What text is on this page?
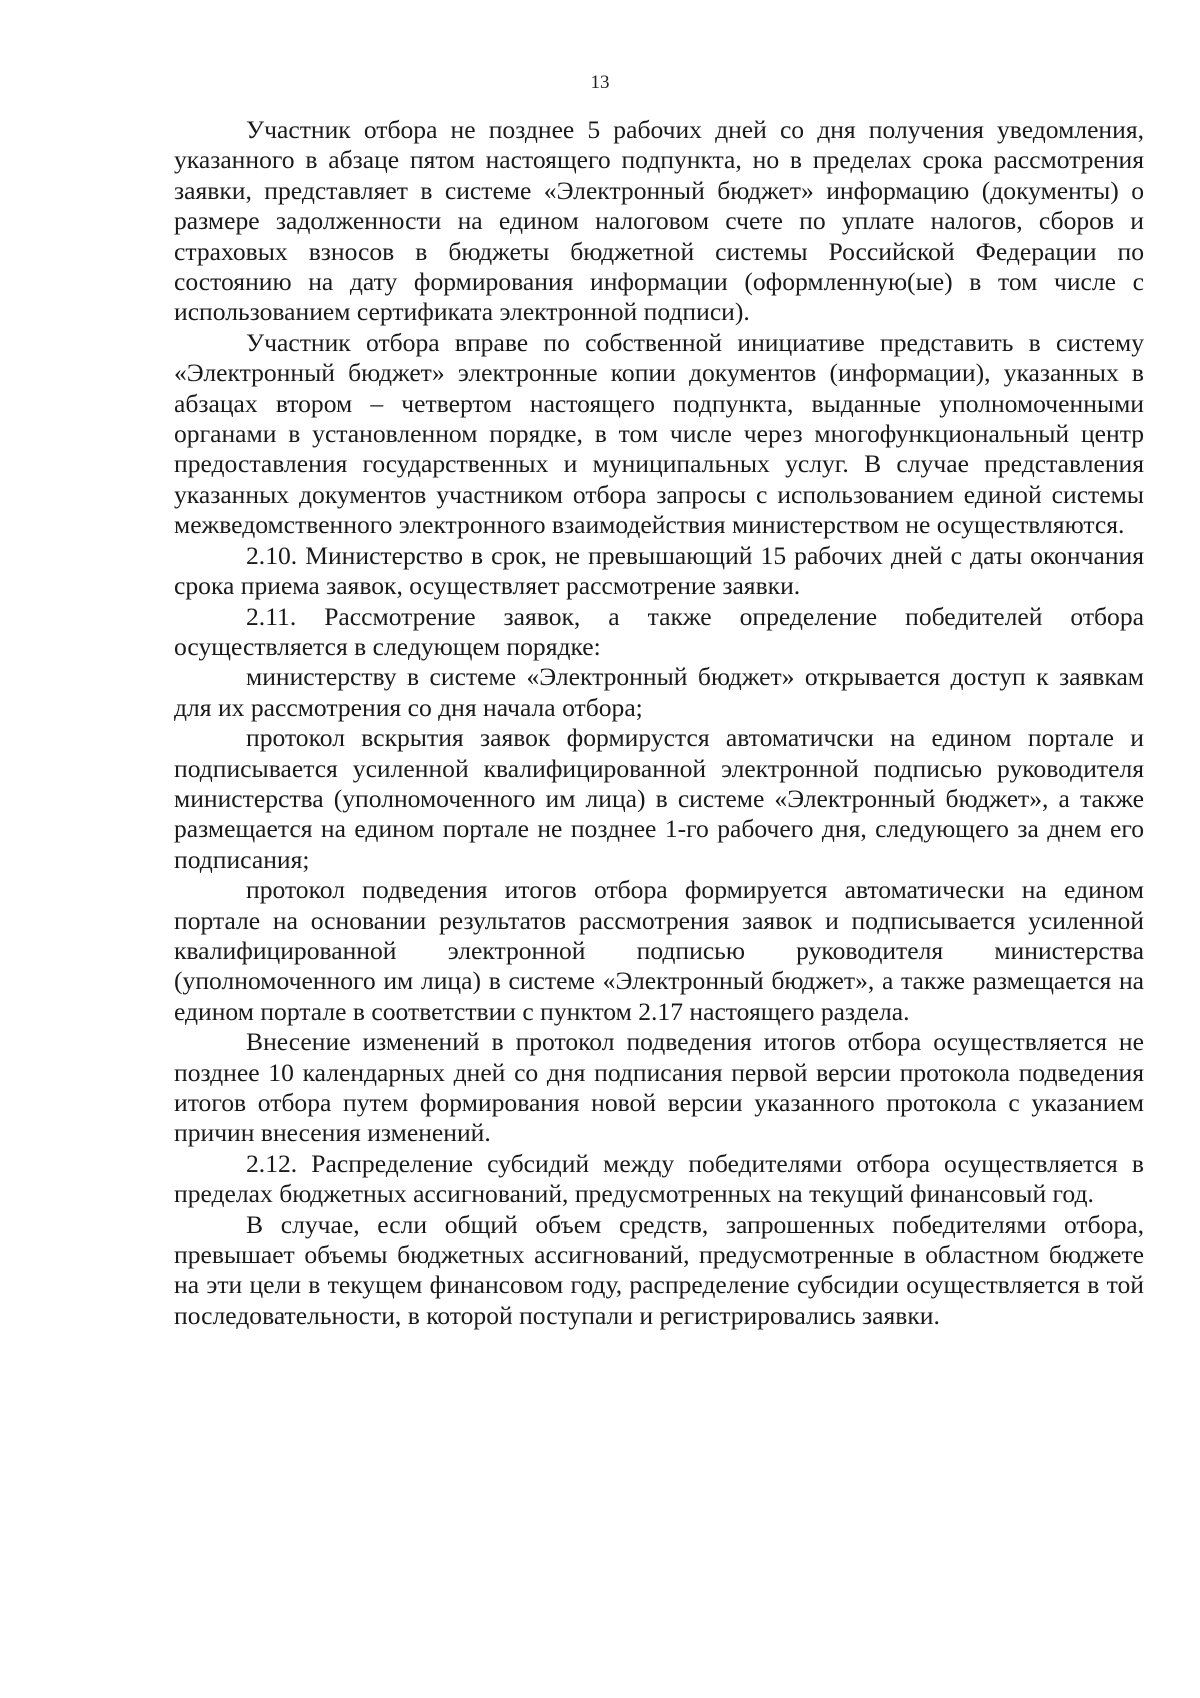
13

Участник отбора не позднее 5 рабочих дней со дня получения уведомления, указанного в абзаце пятом настоящего подпункта, но в пределах срока рассмотрения заявки, представляет в системе «Электронный бюджет» информацию (документы) о размере задолженности на едином налоговом счете по уплате налогов, сборов и страховых взносов в бюджеты бюджетной системы Российской Федерации по состоянию на дату формирования информации (оформленную(ые) в том числе с использованием сертификата электронной подписи).

Участник отбора вправе по собственной инициативе представить в систему «Электронный бюджет» электронные копии документов (информации), указанных в абзацах втором – четвертом настоящего подпункта, выданные уполномоченными органами в установленном порядке, в том числе через многофункциональный центр предоставления государственных и муниципальных услуг. В случае представления указанных документов участником отбора запросы с использованием единой системы межведомственного электронного взаимодействия министерством не осуществляются.

2.10. Министерство в срок, не превышающий 15 рабочих дней с даты окончания срока приема заявок, осуществляет рассмотрение заявки.

2.11. Рассмотрение заявок, а также определение победителей отбора осуществляется в следующем порядке:

министерству в системе «Электронный бюджет» открывается доступ к заявкам для их рассмотрения со дня начала отбора;

протокол вскрытия заявок формирустся автоматичски на едином портале и подписывается усиленной квалифицированной электронной подписью руководителя министерства (уполномоченного им лица) в системе «Электронный бюджет», а также размещается на едином портале не позднее 1-го рабочего дня, следующего за днем его подписания;

протокол подведения итогов отбора формируется автоматически на едином портале на основании результатов рассмотрения заявок и подписывается усиленной квалифицированной электронной подписью руководителя министерства (уполномоченного им лица) в системе «Электронный бюджет», а также размещается на едином портале в соответствии с пунктом 2.17 настоящего раздела.

Внесение изменений в протокол подведения итогов отбора осуществляется не позднее 10 календарных дней со дня подписания первой версии протокола подведения итогов отбора путем формирования новой версии указанного протокола с указанием причин внесения изменений.

2.12. Распределение субсидий между победителями отбора осуществляется в пределах бюджетных ассигнований, предусмотренных на текущий финансовый год.

В случае, если общий объем средств, запрошенных победителями отбора, превышает объемы бюджетных ассигнований, предусмотренные в областном бюджете на эти цели в текущем финансовом году, распределение субсидии осуществляется в той последовательности, в которой поступали и регистрировались заявки.
